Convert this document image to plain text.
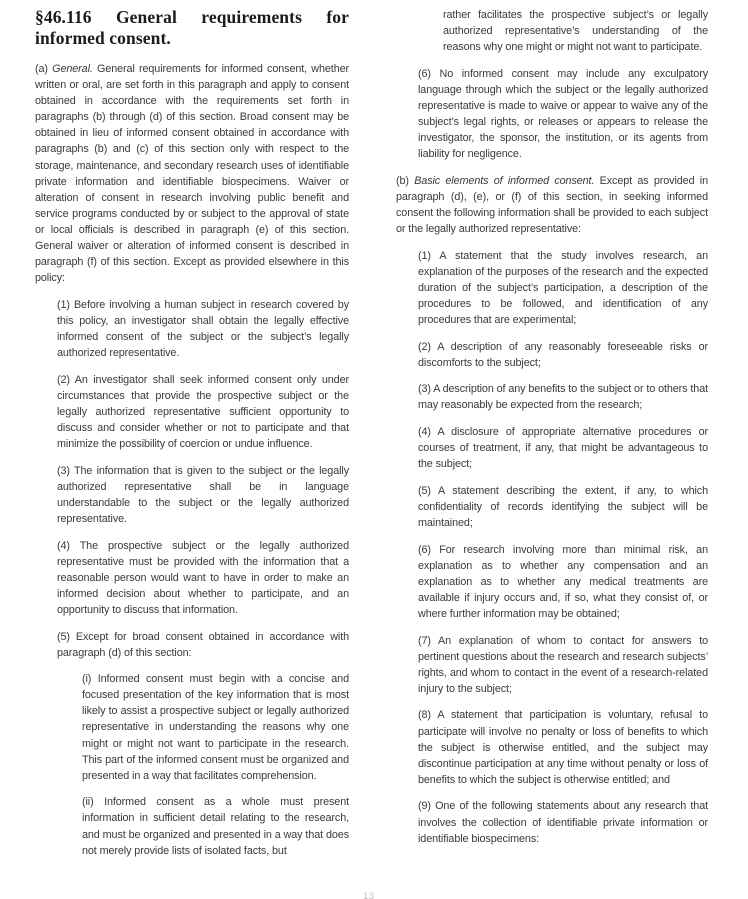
§46.116 General requirements for informed consent.

(a) General. General requirements for informed consent, whether written or oral, are set forth in this paragraph and apply to consent obtained in accordance with the requirements set forth in paragraphs (b) through (d) of this section. Broad consent may be obtained in lieu of informed consent obtained in accordance with paragraphs (b) and (c) of this section only with respect to the storage, maintenance, and secondary research uses of identifiable private information and identifiable biospecimens. Waiver or alteration of consent in research involving public benefit and service programs conducted by or subject to the approval of state or local officials is described in paragraph (e) of this section. General waiver or alteration of informed consent is described in paragraph (f) of this section. Except as provided elsewhere in this policy:

(1) Before involving a human subject in research covered by this policy, an investigator shall obtain the legally effective informed consent of the subject or the subject’s legally authorized representative.

(2) An investigator shall seek informed consent only under circumstances that provide the prospective subject or the legally authorized representative sufficient opportunity to discuss and consider whether or not to participate and that minimize the possibility of coercion or undue influence.

(3) The information that is given to the subject or the legally authorized representative shall be in language understandable to the subject or the legally authorized representative.

(4) The prospective subject or the legally authorized representative must be provided with the information that a reasonable person would want to have in order to make an informed decision about whether to participate, and an opportunity to discuss that information.

(5) Except for broad consent obtained in accordance with paragraph (d) of this section:

(i) Informed consent must begin with a concise and focused presentation of the key information that is most likely to assist a prospective subject or legally authorized representative in understanding the reasons why one might or might not want to participate in the research. This part of the informed consent must be organized and presented in a way that facilitates comprehension.

(ii) Informed consent as a whole must present information in sufficient detail relating to the research, and must be organized and presented in a way that does not merely provide lists of isolated facts, but

rather facilitates the prospective subject’s or legally authorized representative’s understanding of the reasons why one might or might not want to participate.

(6) No informed consent may include any exculpatory language through which the subject or the legally authorized representative is made to waive or appear to waive any of the subject’s legal rights, or releases or appears to release the investigator, the sponsor, the institution, or its agents from liability for negligence.

(b) Basic elements of informed consent. Except as provided in paragraph (d), (e), or (f) of this section, in seeking informed consent the following information shall be provided to each subject or the legally authorized representative:

(1) A statement that the study involves research, an explanation of the purposes of the research and the expected duration of the subject’s participation, a description of the procedures to be followed, and identification of any procedures that are experimental;

(2) A description of any reasonably foreseeable risks or discomforts to the subject;

(3) A description of any benefits to the subject or to others that may reasonably be expected from the research;

(4) A disclosure of appropriate alternative procedures or courses of treatment, if any, that might be advantageous to the subject;

(5) A statement describing the extent, if any, to which confidentiality of records identifying the subject will be maintained;

(6) For research involving more than minimal risk, an explanation as to whether any compensation and an explanation as to whether any medical treatments are available if injury occurs and, if so, what they consist of, or where further information may be obtained;

(7) An explanation of whom to contact for answers to pertinent questions about the research and research subjects’ rights, and whom to contact in the event of a research-related injury to the subject;

(8) A statement that participation is voluntary, refusal to participate will involve no penalty or loss of benefits to which the subject is otherwise entitled, and the subject may discontinue participation at any time without penalty or loss of benefits to which the subject is otherwise entitled; and

(9) One of the following statements about any research that involves the collection of identifiable private information or identifiable biospecimens:

13
